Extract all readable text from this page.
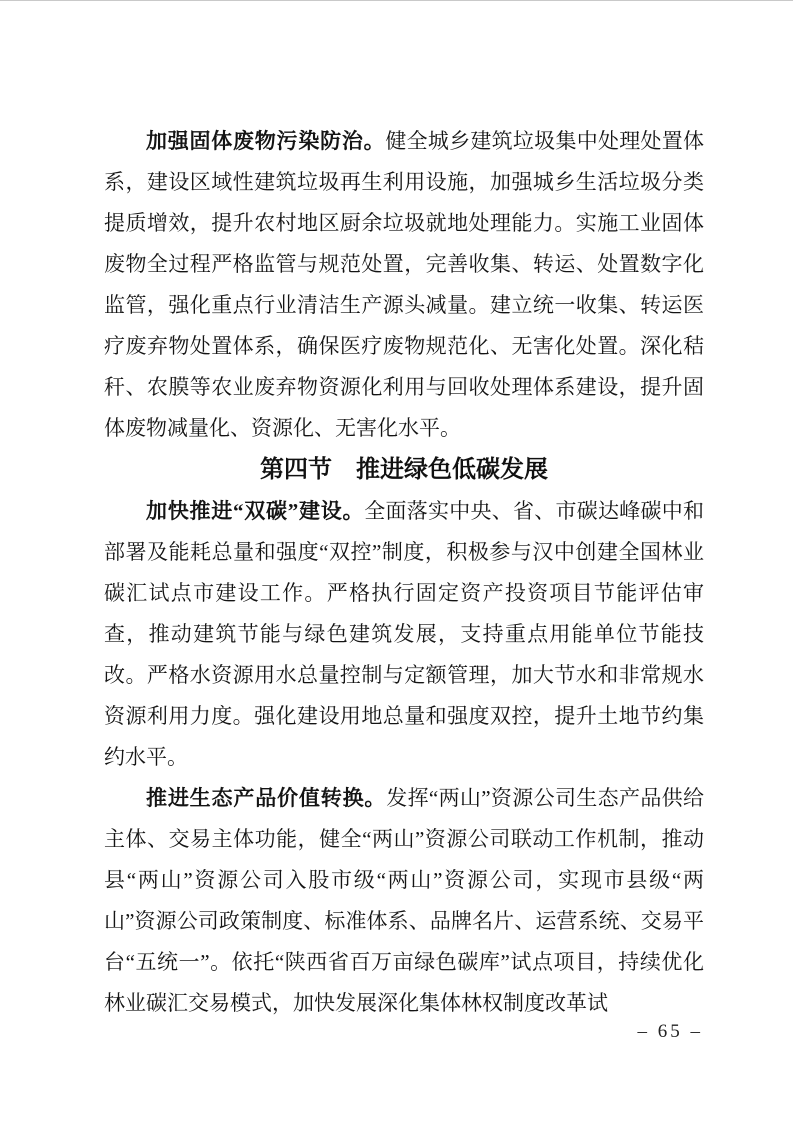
加强固体废物污染防治。健全城乡建筑垃圾集中处理处置体系，建设区域性建筑垃圾再生利用设施，加强城乡生活垃圾分类提质增效，提升农村地区厨余垃圾就地处理能力。实施工业固体废物全过程严格监管与规范处置，完善收集、转运、处置数字化监管，强化重点行业清洁生产源头减量。建立统一收集、转运医疗废弃物处置体系，确保医疗废物规范化、无害化处置。深化秸秆、农膜等农业废弃物资源化利用与回收处理体系建设，提升固体废物减量化、资源化、无害化水平。

第四节　推进绿色低碳发展

加快推进“双碳”建设。全面落实中央、省、市碳达峰碳中和部署及能耗总量和强度“双控”制度，积极参与汉中创建全国林业碳汇试点市建设工作。严格执行固定资产投资项目节能评估审查，推动建筑节能与绿色建筑发展，支持重点用能单位节能技改。严格水资源用水总量控制与定额管理，加大节水和非常规水资源利用力度。强化建设用地总量和强度双控，提升土地节约集约水平。

推进生态产品价值转换。发挥“两山”资源公司生态产品供给主体、交易主体功能，健全“两山”资源公司联动工作机制，推动县“两山”资源公司入股市级“两山”资源公司，实现市县级“两山”资源公司政策制度、标准体系、品牌名片、运营系统、交易平台“五统一”。依托“陕西省百万亩绿色碳库”试点项目，持续优化林业碳汇交易模式，加快发展深化集体林权制度改革试

– 65 –
